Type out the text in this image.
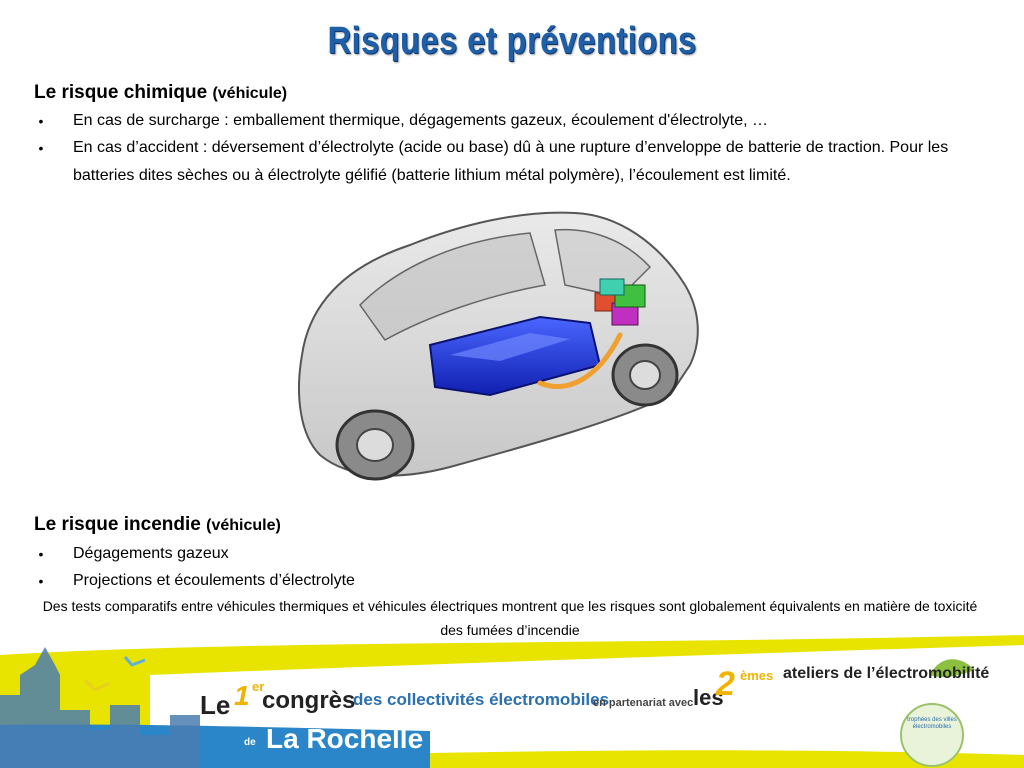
Risques et préventions
Le risque chimique (véhicule)
• En cas de surcharge : emballement thermique, dégagements gazeux, écoulement d'électrolyte, …
• En cas d’accident : déversement d’électrolyte (acide ou base) dû à une rupture d’enveloppe de batterie de traction. Pour les batteries dites sèches ou à électrolyte gélifié (batterie lithium métal polymère), l’écoulement est limité.
Le risque incendie (véhicule)
• Dégagements gazeux
• Projections et écoulements d’électrolyte
Des tests comparatifs entre véhicules thermiques et véhicules électriques montrent que les risques sont globalement équivalents en matière de toxicité des fumées d’incendie
Le 1 er
congrès
des collectivités électromobiles
en partenariat avec les
2 èmes ateliers de l’électromobilité
de La Rochelle
trophées des villes électromobiles
